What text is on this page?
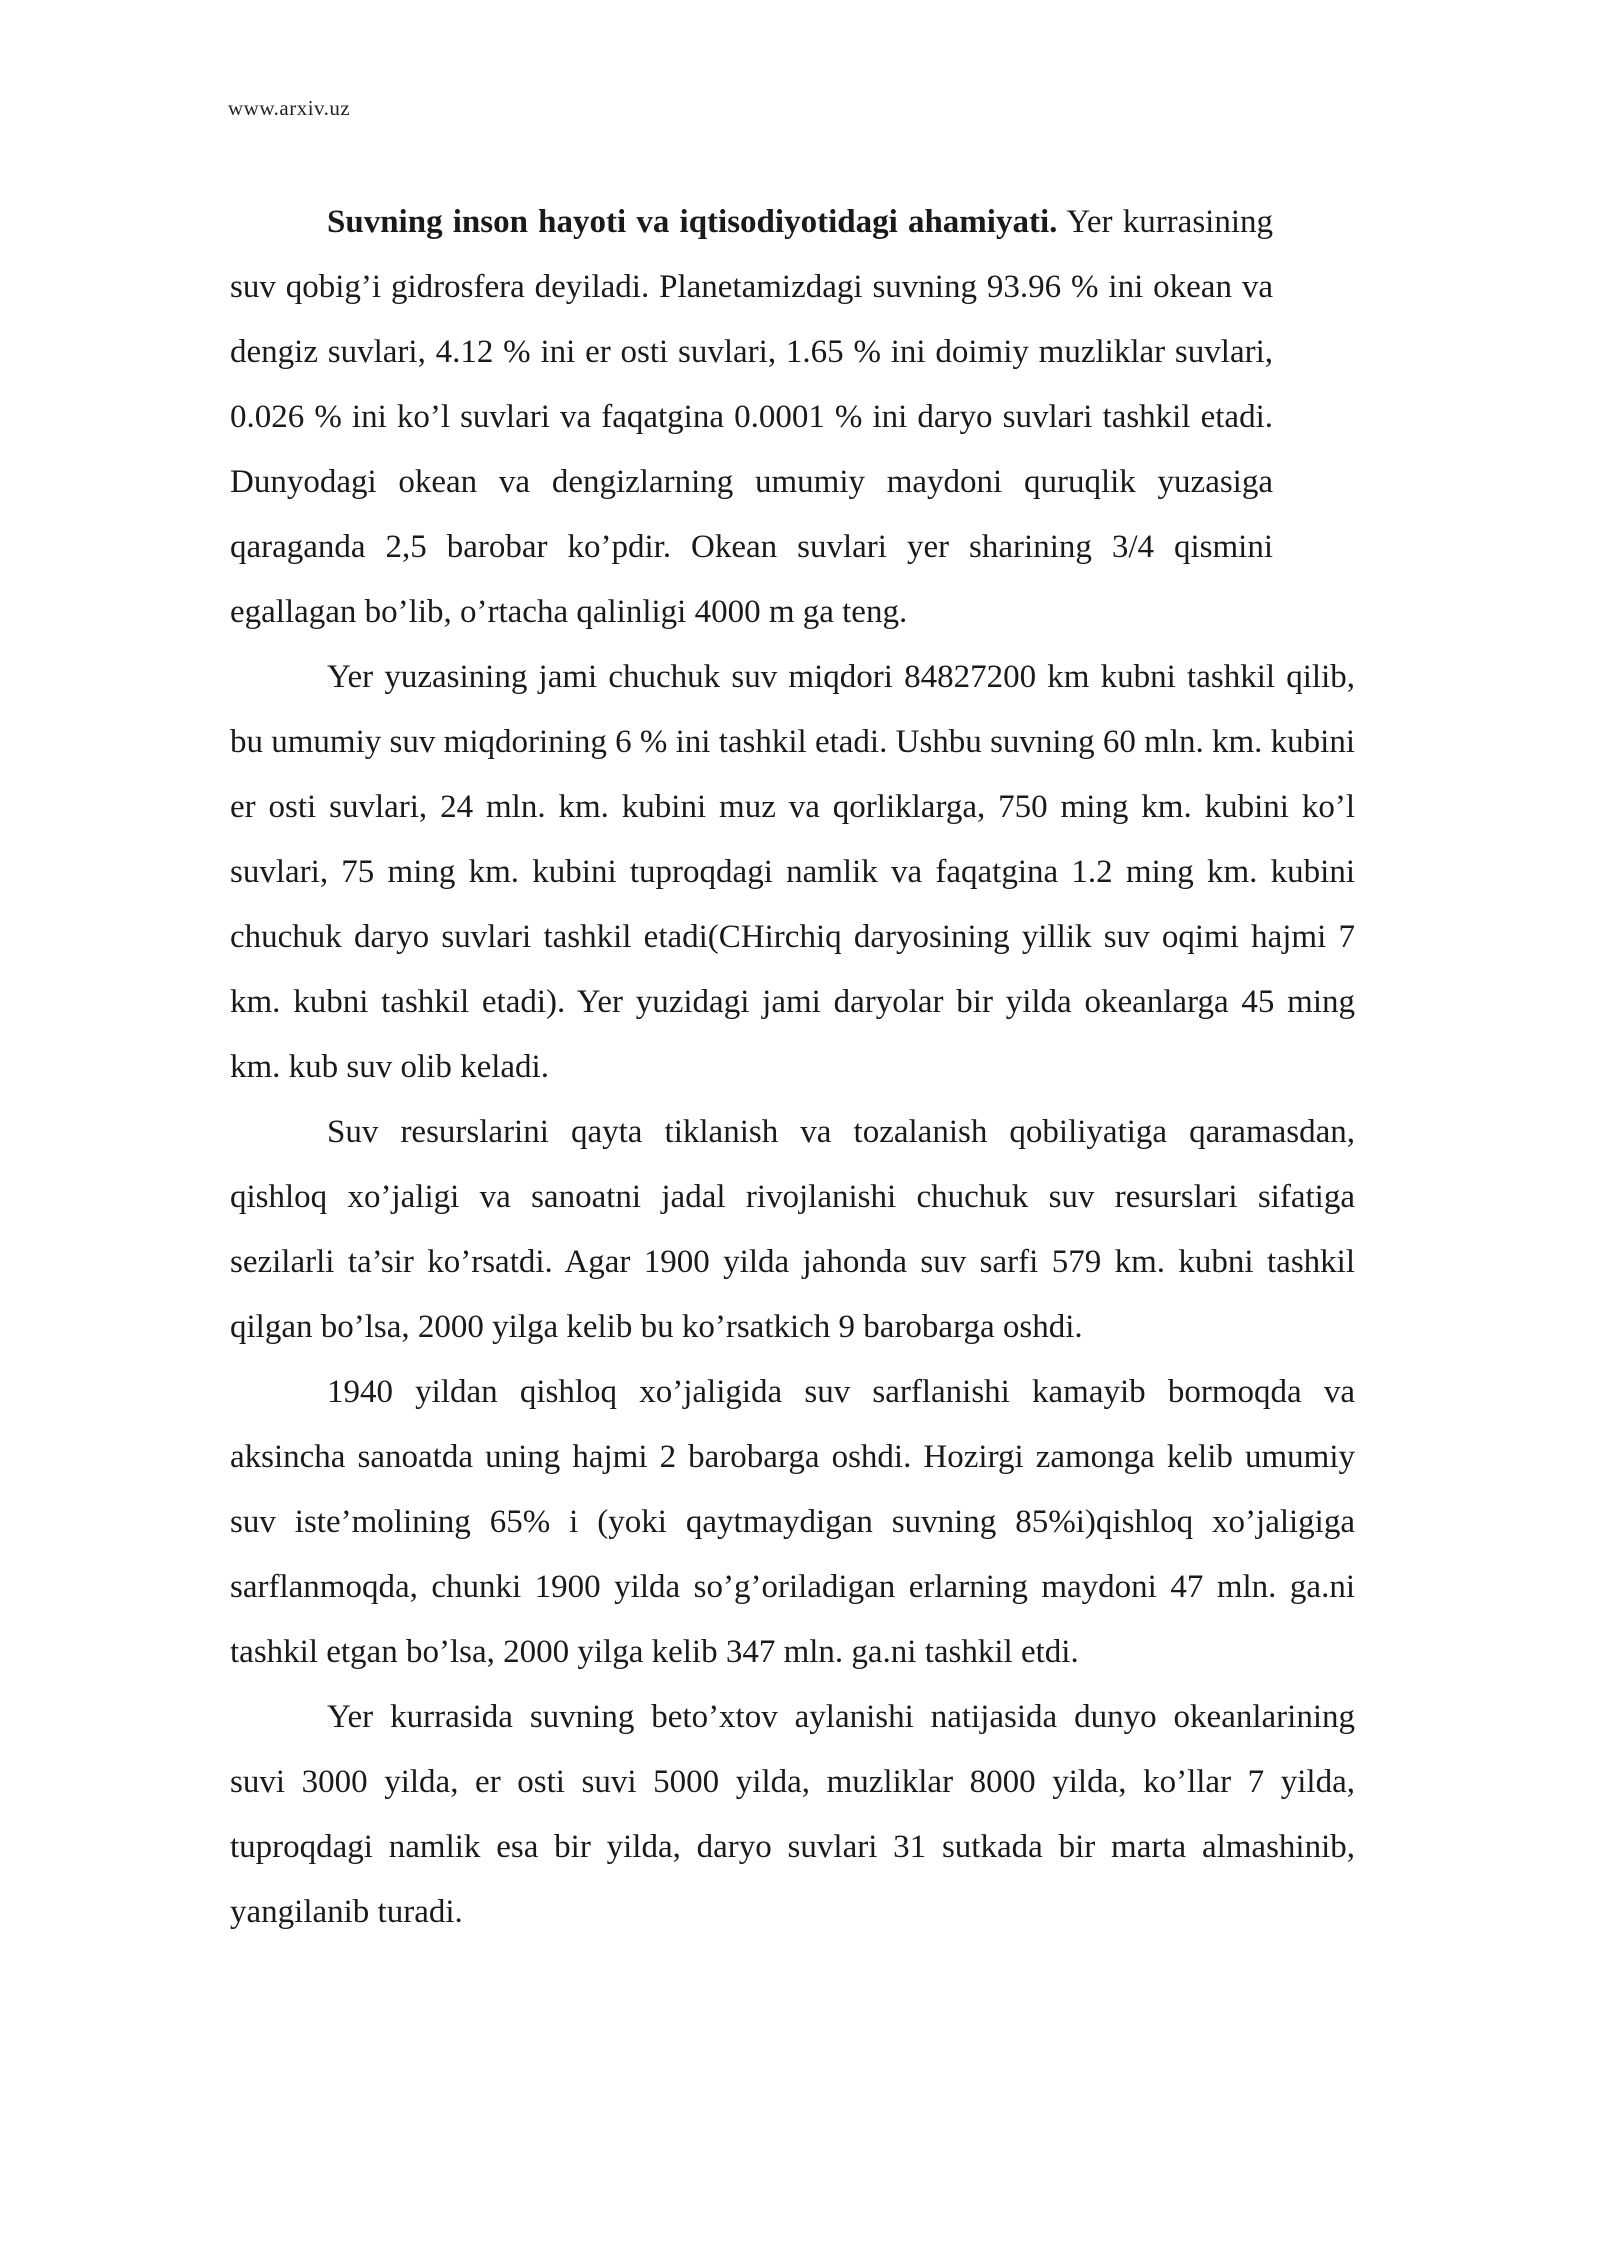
www.arxiv.uz

Suvning inson hayoti va iqtisodiyotidagi ahamiyati. Yer kurrasining suv qobig’i gidrosfera deyiladi. Planetamizdagi suvning 93.96 % ini okean va dengiz suvlari, 4.12 % ini er osti suvlari, 1.65 % ini doimiy muzliklar suvlari, 0.026 % ini ko’l suvlari va faqatgina 0.0001 % ini daryo suvlari tashkil etadi. Dunyodagi okean va dengizlarning umumiy maydoni quruqlik yuzasiga qaraganda 2,5 barobar ko’pdir. Okean suvlari yer sharining 3/4 qismini egallagan bo’lib, o’rtacha qalinligi 4000 m ga teng.

Yer yuzasining jami chuchuk suv miqdori 84827200 km kubni tashkil qilib, bu umumiy suv miqdorining 6 % ini tashkil etadi. Ushbu suvning 60 mln. km. kubini er osti suvlari, 24 mln. km. kubini muz va qorliklarga, 750 ming km. kubini ko’l suvlari, 75 ming km. kubini tuproqdagi namlik va faqatgina 1.2 ming km. kubini chuchuk daryo suvlari tashkil etadi(CHirchiq daryosining yillik suv oqimi hajmi 7 km. kubni tashkil etadi). Yer yuzidagi jami daryolar bir yilda okeanlarga 45 ming km. kub suv olib keladi.

Suv resurslarini qayta tiklanish va tozalanish qobiliyatiga qaramasdan, qishloq xo’jaligi va sanoatni jadal rivojlanishi chuchuk suv resurslari sifatiga sezilarli ta’sir ko’rsatdi. Agar 1900 yilda jahonda suv sarfi 579 km. kubni tashkil qilgan bo’lsa, 2000 yilga kelib bu ko’rsatkich 9 barobarga oshdi.

1940 yildan qishloq xo’jaligida suv sarflanishi kamayib bormoqda va aksincha sanoatda uning hajmi 2 barobarga oshdi. Hozirgi zamonga kelib umumiy suv iste’molining 65% i (yoki qaytmaydigan suvning 85%i)qishloq xo’jaligiga sarflanmoqda, chunki 1900 yilda so’g’oriladigan erlarning maydoni 47 mln. ga.ni tashkil etgan bo’lsa, 2000 yilga kelib 347 mln. ga.ni tashkil etdi.

Yer kurrasida suvning beto’xtov aylanishi natijasida dunyo okeanlarining suvi 3000 yilda, er osti suvi 5000 yilda, muzliklar 8000 yilda, ko’llar 7 yilda, tuproqdagi namlik esa bir yilda, daryo suvlari 31 sutkada bir marta almashinib, yangilanib turadi.
